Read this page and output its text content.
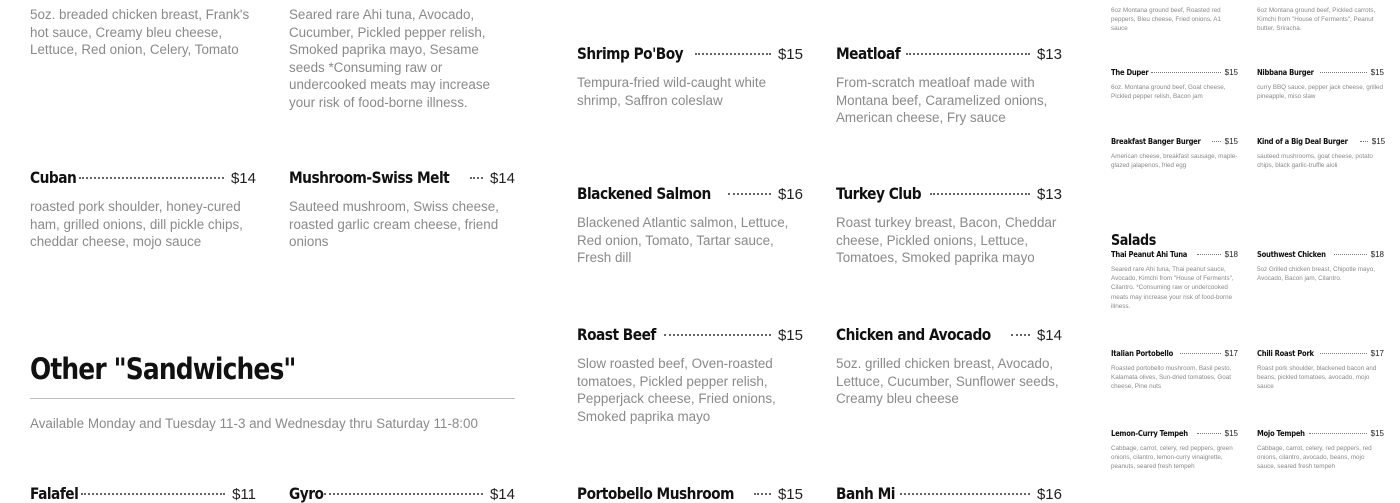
5oz. breaded chicken breast, Frank's hot sauce, Creamy bleu cheese, Lettuce, Red onion, Celery, Tomato
Seared rare Ahi tuna, Avocado, Cucumber, Pickled pepper relish, Smoked paprika mayo, Sesame seeds *Consuming raw or undercooked meats may increase your risk of food-borne illness.
Cuban	$14
roasted pork shoulder, honey-cured ham, grilled onions, dill pickle chips, cheddar cheese, mojo sauce
Mushroom-Swiss Melt	$14
Sauteed mushroom, Swiss cheese, roasted garlic cream cheese, friend onions
Other "Sandwiches"
Available Monday and Tuesday 11-3 and Wednesday thru Saturday 11-8:00
Falafel	$11 Gyro	$14
Shrimp Po'Boy	$15
Tempura-fried wild-caught white shrimp, Saffron coleslaw
Blackened Salmon	$16
Blackened Atlantic salmon, Lettuce, Red onion, Tomato, Tartar sauce, Fresh dill
Roast Beef	$15
Slow roasted beef, Oven-roasted tomatoes, Pickled pepper relish, Pepperjack cheese, Fried onions, Smoked paprika mayo
Portobello Mushroom	$15
Meatloaf	$13
From-scratch meatloaf made with Montana beef, Caramelized onions, American cheese, Fry sauce
Turkey Club	$13
Roast turkey breast, Bacon, Cheddar cheese, Pickled onions, Lettuce, Tomatoes, Smoked paprika mayo
Chicken and Avocado	$14
5oz. grilled chicken breast, Avocado, Lettuce, Cucumber, Sunflower seeds, Creamy bleu cheese
Banh Mi	$16
6oz Montana ground beef, Roasted red peppers, Bleu cheese, Fried onions, A1 sauce
6oz Montana ground beef, Pickled carrots, Kimchi from "House of Ferments", Peanut butter, Sriracha.
The Duper	$15
6oz. Montana ground beef, Goat cheese, Pickled pepper relish, Bacon jam
Nibbana Burger	$15
curry BBQ sauce, pepper jack cheese, grilled pineapple, miso slaw
Breakfast Banger Burger	$15
American cheese, breakfast sausage, maple-glazed jalapenos, fried egg
Kind of a Big Deal Burger	$15
sauteed mushrooms, goat cheese, potato chips, black garlic-truffle aioli
Salads
Thai Peanut Ahi Tuna	$18
Seared rare Ahi tuna, Thai peanut sauce, Avocado, Kimchi from "House of Ferments", Cilantro. *Consuming raw or undercooked meats may increase your risk of food-borne illness.
Southwest Chicken	$18
5oz Grilled chicken breast, Chipotle mayo, Avocado, Bacon jam, Cilantro.
Italian Portobello	$17
Roasted portobello mushroom, Basil pesto, Kalamata olives, Sun-dried tomatoes, Goat cheese, Pine nuts
Chili Roast Pork	$17
Roast pork shoulder, blackened bacon and beans, pickled tomatoes, avocado, mojo sauce
Lemon-Curry Tempeh	$15
Cabbage, carrot, celery, red peppers, green onions, cilantro, lemon-curry vinaigrette, peanuts, seared fresh tempeh
Mojo Tempeh	$15
Cabbage, carrot, celery, red peppers, red onions, cilantro, avocado, beans, mojo sauce, seared fresh tempeh
